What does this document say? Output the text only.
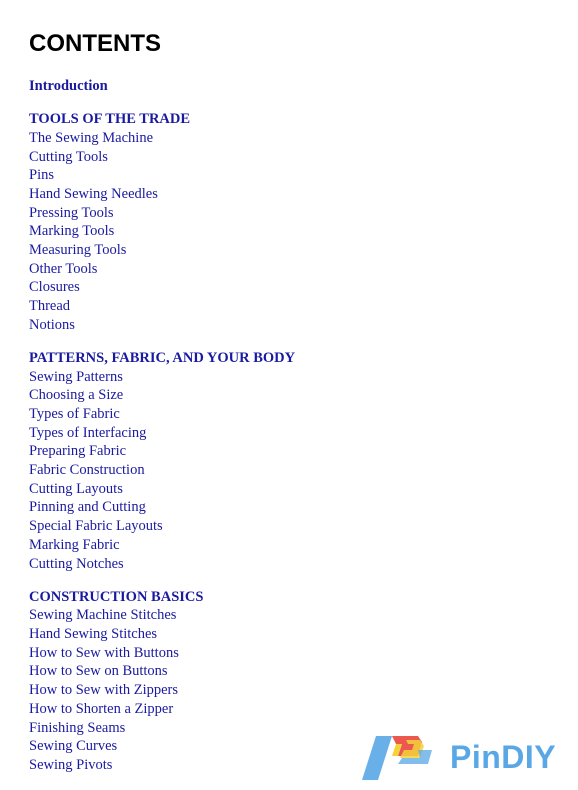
CONTENTS
Introduction
TOOLS OF THE TRADE
The Sewing Machine
Cutting Tools
Pins
Hand Sewing Needles
Pressing Tools
Marking Tools
Measuring Tools
Other Tools
Closures
Thread
Notions
PATTERNS, FABRIC, AND YOUR BODY
Sewing Patterns
Choosing a Size
Types of Fabric
Types of Interfacing
Preparing Fabric
Fabric Construction
Cutting Layouts
Pinning and Cutting
Special Fabric Layouts
Marking Fabric
Cutting Notches
CONSTRUCTION BASICS
Sewing Machine Stitches
Hand Sewing Stitches
How to Sew with Buttons
How to Sew on Buttons
How to Sew with Zippers
How to Shorten a Zipper
Finishing Seams
Sewing Curves
Sewing Pivots	PinDIY
